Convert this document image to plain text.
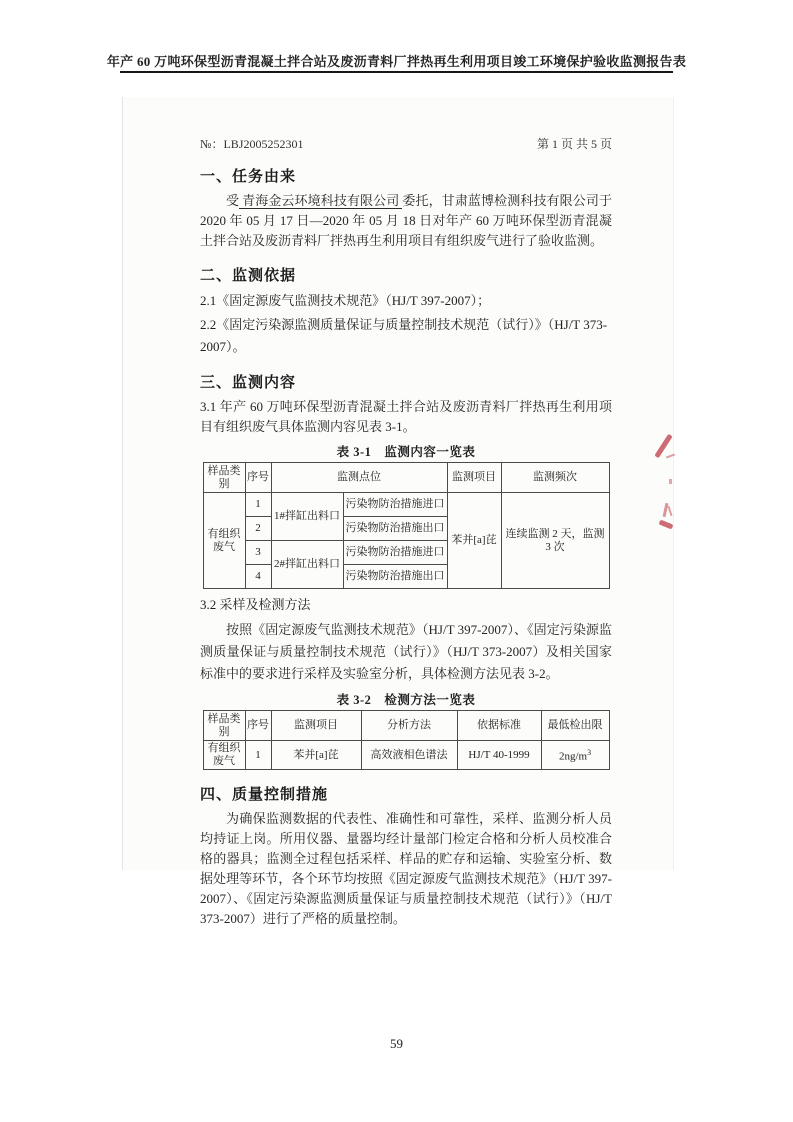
年产 60 万吨环保型沥青混凝土拌合站及废沥青料厂拌热再生利用项目竣工环境保护验收监测报告表
№：LBJ2005252301	第 1 页 共 5 页
一、任务由来

受 青海金云环境科技有限公司 委托，甘肃蓝博检测科技有限公司于 2020 年 05 月 17 日—2020 年 05 月 18 日对年产 60 万吨环保型沥青混凝土拌合站及废沥青料厂拌热再生利用项目有组织废气进行了验收监测。

二、监测依据

2.1《固定源废气监测技术规范》（HJ/T 397-2007）；

2.2《固定污染源监测质量保证与质量控制技术规范（试行）》（HJ/T 373-2007）。

三、监测内容

3.1 年产 60 万吨环保型沥青混凝土拌合站及废沥青料厂拌热再生利用项目有组织废气具体监测内容见表 3-1。

表 3-1　监测内容一览表
样品类别	序号	监测点位		监测项目	监测频次
有组织废气	1	1#拌缸出料口	污染物防治措施进口	苯并[a]芘	连续监测 2 天，监测 3 次
	2		污染物防治措施出口		
	3	2#拌缸出料口	污染物防治措施进口		
	4		污染物防治措施出口		

3.2 采样及检测方法

按照《固定源废气监测技术规范》（HJ/T 397-2007）、《固定污染源监测质量保证与质量控制技术规范（试行）》（HJ/T 373-2007）及相关国家标准中的要求进行采样及实验室分析，具体检测方法见表 3-2。

表 3-2　检测方法一览表
样品类别	序号	监测项目	分析方法	依据标准	最低检出限
有组织废气	1	苯并[a]芘	高效液相色谱法	HJ/T 40-1999	$2ng/m^3$
四、质量控制措施

为确保监测数据的代表性、准确性和可靠性，采样、监测分析人员均持证上岗。所用仪器、量器均经计量部门检定合格和分析人员校准合格的器具；监测全过程包括采样、样品的贮存和运输、实验室分析、数据处理等环节，各个环节均按照《固定源废气监测技术规范》（HJ/T 397-2007）、《固定污染源监测质量保证与质量控制技术规范（试行）》（HJ/T 373-2007）进行了严格的质量控制。

59
